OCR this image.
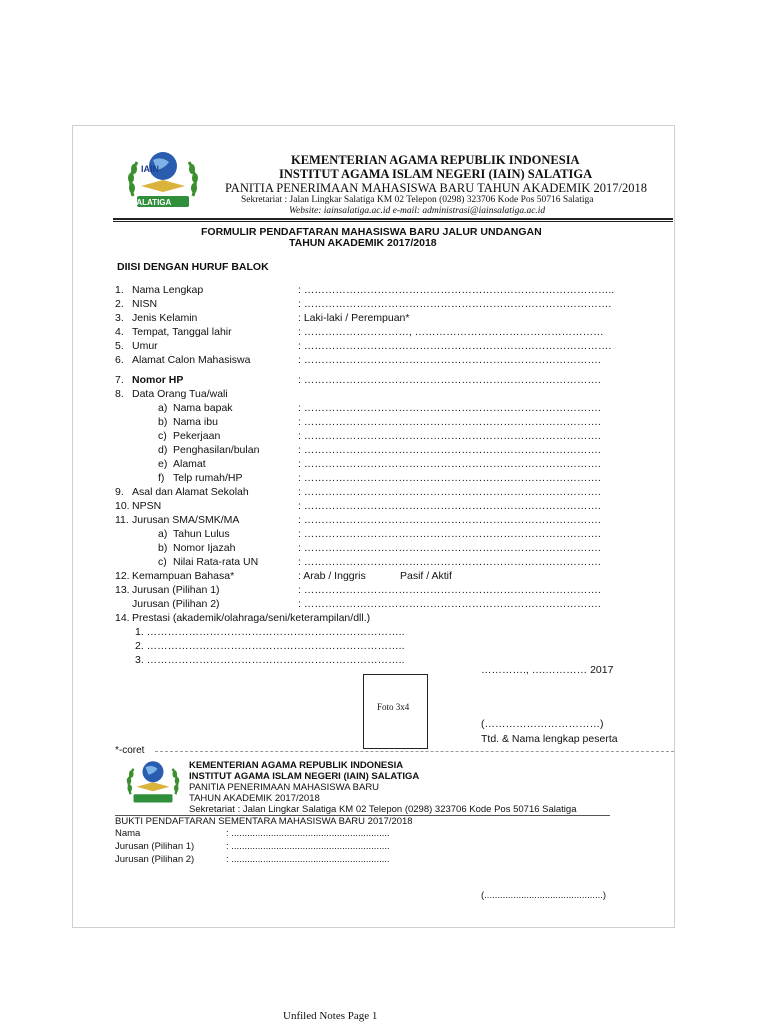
IAIN
SALATIGA
KEMENTERIAN AGAMA REPUBLIK INDONESIA
INSTITUT AGAMA ISLAM NEGERI (IAIN) SALATIGA
PANITIA PENERIMAAN MAHASISWA BARU TAHUN AKADEMIK 2017/2018
Sekretariat : Jalan Lingkar Salatiga KM 02 Telepon (0298) 323706 Kode Pos 50716 Salatiga
Website: iainsalatiga.ac.id e-mail: administrasi@iainsalatiga.ac.id
FORMULIR PENDAFTARAN MAHASISWA BARU JALUR UNDANGAN
TAHUN AKADEMIK 2017/2018
DIISI DENGAN HURUF BALOK
1. Nama Lengkap	: ……………………………………………………………………………..
2. NISN	: …………………………………………………………………………….
3. Jenis Kelamin	: Laki-laki / Perempuan*
4. Tempat, Tanggal lahir	: …………………………, ………………………………………………
5. Umur	: …………………………………………………………………………….
6. Alamat Calon Mahasiswa	: ………………………………………………………………………….
7. Nomor HP	: ………………………………………………………………………….
8. Data Orang Tua/wali
a) Nama bapak	: ………………………………………………………………………….
b) Nama ibu	: ………………………………………………………………………….
c) Pekerjaan	: ………………………………………………………………………….
d) Penghasilan/bulan	: ………………………………………………………………………….
e) Alamat	: ………………………………………………………………………….
f) Telp rumah/HP	: ………………………………………………………………………….
9. Asal dan Alamat Sekolah	: ………………………………………………………………………….
10. NPSN	: ………………………………………………………………………….
11. Jurusan SMA/SMK/MA	: ………………………………………………………………………….
a) Tahun Lulus	: ………………………………………………………………………….
b) Nomor Ijazah	: ………………………………………………………………………….
c) Nilai Rata-rata UN	: ………………………………………………………………………….
12. Kemampuan Bahasa*	: Arab / Inggris	Pasif / Aktif
13. Jurusan (Pilihan 1)	: ………………………………………………………………………….
Jurusan (Pilihan 2)	: ………………………………………………………………………….
14. Prestasi (akademik/olahraga/seni/keterampilan/dll.)
1. ………………………………………………………………..
2. ………………………………………………………………..
3. ………………………………………………………………..
…………., ….………… 2017
Foto 3x4
(……………………………)
Ttd. & Nama lengkap peserta
*-coret
KEMENTERIAN AGAMA REPUBLIK INDONESIA
INSTITUT AGAMA ISLAM NEGERI (IAIN) SALATIGA
PANITIA PENERIMAAN MAHASISWA BARU
TAHUN AKADEMIK 2017/2018
Sekretariat : Jalan Lingkar Salatiga KM 02 Telepon (0298) 323706 Kode Pos 50716 Salatiga
BUKTI PENDAFTARAN SEMENTARA MAHASISWA BARU 2017/2018
Nama	: ............................................................
Jurusan (Pilihan 1)	: ............................................................
Jurusan (Pilihan 2)	: ............................................................
(.............................................)
Unfiled Notes Page 1
